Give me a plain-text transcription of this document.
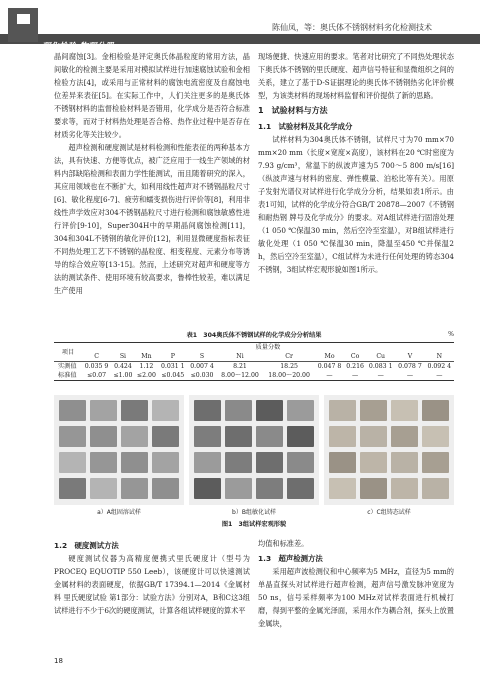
理化检验-物理分册
陈仙凤，等：奥氏体不锈钢材料劣化检测技术

晶间腐蚀[3]。金相检验是评定奥氏体晶粒度的常用方法，晶间敏化的检测主要是采用对模拟试样进行加速腐蚀试验和金相检验方法[4]，或采用与正常材料的腐蚀电流密度及自腐蚀电位差异来表征[5]。在实际工作中，人们关注更多的是奥氏体不锈钢材料的监督检验材料是否错用，化学成分是否符合标准要求等，而对于材料热处理是否合格、热作业过程中是否存在材质劣化等关注较少。

超声检测和硬度测试是材料检测和性能表征的两种基本方法，具有快速、方便等优点，被广泛应用于一线生产领域的材料内部缺陷检测和表面力学性能测试，而且随着研究的深入，其应用领域也在不断扩大，如利用线性超声对不锈钢晶粒尺寸[6]、敏化程度[6-7]、疲劳和蠕变损伤进行评价等[8]，利用非线性声学效应对304不锈钢晶粒尺寸进行检测和腐蚀敏感性进行评价[9-10]，Super304H中的早期晶间腐蚀检测[11]，304和304L不锈钢的敏化评价[12]，利用显微硬度指标表征不同热处理工艺下不锈钢的晶粒度、相变程度、元素分布等诱导的综合效应等[13-15]。然而，上述研究对超声和硬度等方法的测试条件、使用环境有较高要求，鲁棒性较差，难以满足生产使用

现场便捷、快速应用的要求。笔者对比研究了不同热处理状态下奥氏体不锈钢的里氏硬度、超声信号特征和显微组织之间的关系，建立了基于D-S证据理论的奥氏体不锈钢热劣化评价模型，为该类材料的现场材料监督和评价提供了新的思路。

1　试验材料与方法
1.1　试验材料及其化学成分

试样材料为304奥氏体不锈钢，试样尺寸为70 mm×70 mm×20 mm（长度×宽度×高度），该材料在20 ℃时密度为7.93 g/cm³，常温下的纵波声速为5 700～5 800 m/s[16]（纵波声速与材料的密度、弹性模量、泊松比等有关）。用原子发射光谱仪对试样进行化学成分分析，结果如表1所示。由表1可知，试样的化学成分符合GB/T 20878—2007《不锈钢和耐热钢 牌号及化学成分》的要求。对A组试样进行固溶处理（1 050 ℃保温30 min，然后空冷至室温），对B组试样进行敏化处理（1 050 ℃保温30 min，降温至450 ℃并保温2 h，然后空冷至室温），C组试样为未进行任何处理的铸态304不锈钢，3组试样宏观形貌如图1所示。

表1　304奥氏体不锈钢试样的化学成分分析结果	%
项目	质量分数											
	C	Si	Mn	P	S	Ni	Cr	Mo	Co	Cu	V	N
实测值	0.035 9	0.424	1.12	0.031 1	0.007 4	8.21	18.25	0.047 8	0.216	0.083 1	0.078 7	0.092 4
标准值	≤0.07	≤1.00	≤2.00	≤0.045	≤0.030	8.00～12.00	18.00～20.00	—	—	—	—	—
a）A组固溶试样	b）B组敏化试样	c）C组铸态试样
图1　3组试样宏观形貌
1.2　硬度测试方法

硬度测试仪器为高精度便携式里氏硬度计（型号为PROCEQ EQUOTIP 550 Leeb），该硬度计可以快速测试金属材料的表面硬度，依据GB/T 17394.1—2014《金属材料 里氏硬度试验 第1部分：试验方法》分别对A，B和C这3组试样进行不少于6次的硬度测试，计算各组试样硬度的算术平

均值和标准差。

1.3　超声检测方法

采用超声波检测仪和中心频率为5 MHz，直径为5 mm的单晶直探头对试样进行超声检测，超声信号激发脉冲宽度为50 ns，信号采样频率为100 MHz对试样表面进行机械打磨，得到平整的金属光泽面，采用水作为耦合剂，探头上放置金属块，

18
